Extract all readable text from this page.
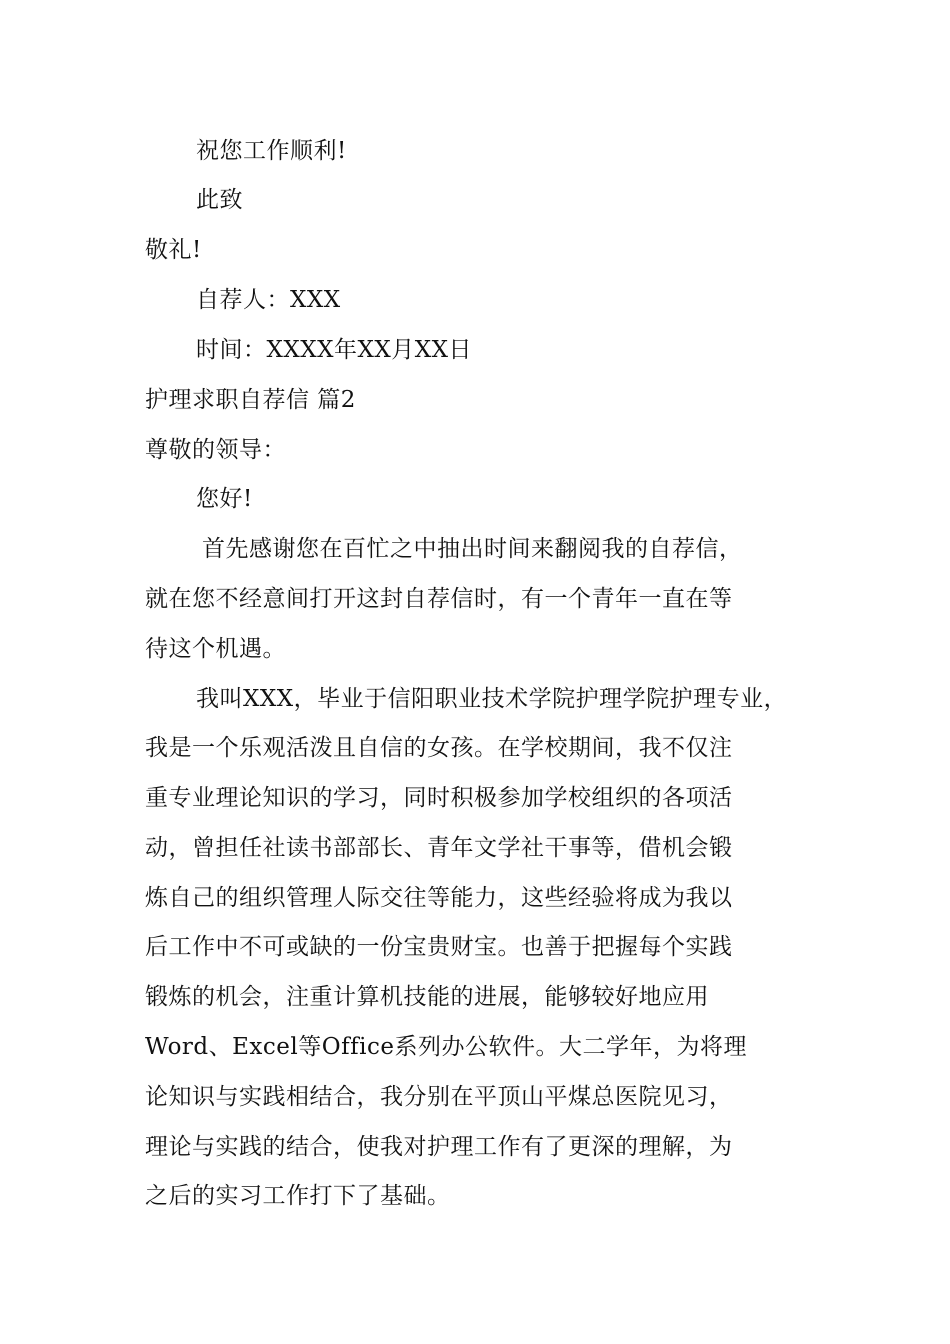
祝您工作顺利!
此致
敬礼!
自荐人：XXX
时间：XXXX年XX月XX日
护理求职自荐信 篇2
尊敬的领导：
您好!
首先感谢您在百忙之中抽出时间来翻阅我的自荐信，
就在您不经意间打开这封自荐信时，有一个青年一直在等
待这个机遇。
我叫XXX，毕业于信阳职业技术学院护理学院护理专业，
我是一个乐观活泼且自信的女孩。在学校期间，我不仅注
重专业理论知识的学习，同时积极参加学校组织的各项活
动，曾担任社读书部部长、青年文学社干事等，借机会锻
炼自己的组织管理人际交往等能力，这些经验将成为我以
后工作中不可或缺的一份宝贵财宝。也善于把握每个实践
锻炼的机会，注重计算机技能的进展，能够较好地应用
Word、Excel等Office系列办公软件。大二学年，为将理
论知识与实践相结合，我分别在平顶山平煤总医院见习，
理论与实践的结合，使我对护理工作有了更深的理解，为
之后的实习工作打下了基础。
